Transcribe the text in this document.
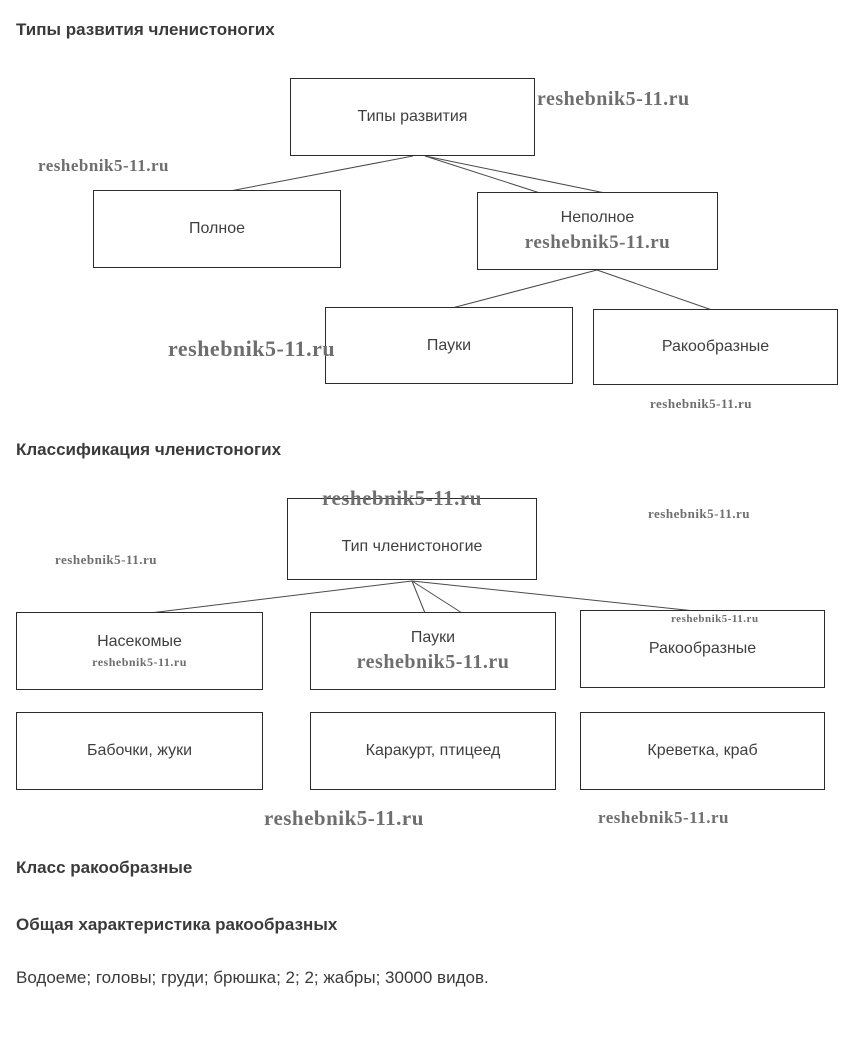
Типы развития членистоногих
Классификация членистоногих
Класс ракообразные
Общая характеристика ракообразных
Водоеме; головы; груди; брюшка; 2; 2; жабры; 30000 видов.
Типы развития
Полное
Неполное
reshebnik5-11.ru
Пауки	Ракообразные
Тип членистоногие
Насекомые
reshebnik5-11.ru
Пауки
reshebnik5-11.ru
reshebnik5-11.ru
Ракообразные
Бабочки, жуки	Каракурт, птицеед	Креветка, краб
reshebnik5-11.ru
reshebnik5-11.ru
reshebnik5-11.ru
reshebnik5-11.ru
reshebnik5-11.ru
reshebnik5-11.ru
reshebnik5-11.ru
reshebnik5-11.ru	reshebnik5-11.ru
